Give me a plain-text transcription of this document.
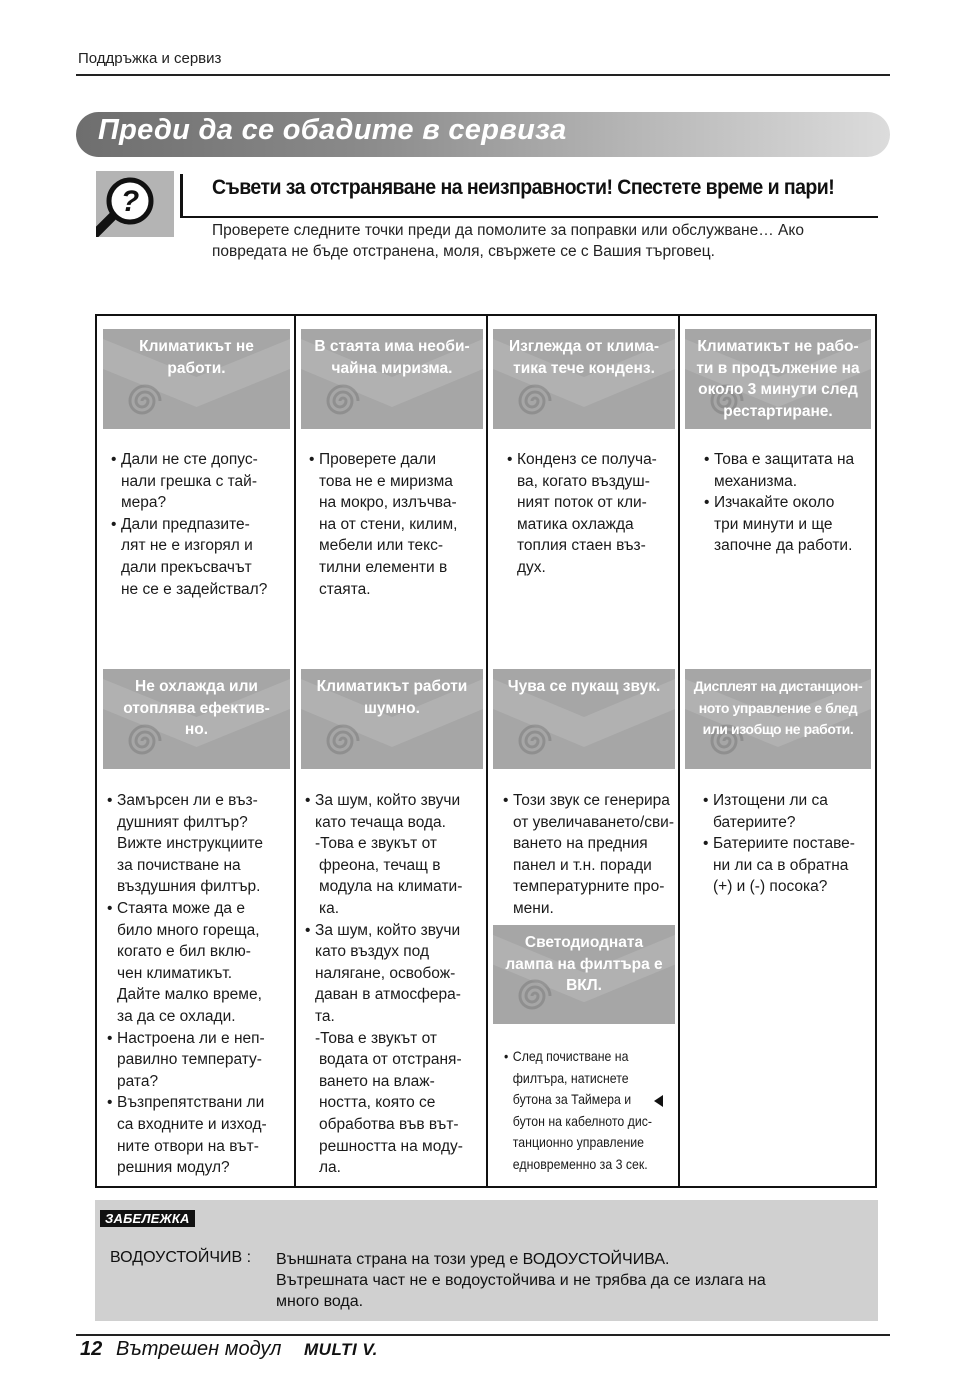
Поддръжка и сервиз
Преди да се обадите в сервиза
?	Съвети за отстраняване на неизправности! Спестете време и пари!
Проверете следните точки преди да помолите за поправки или обслужване… Ако повредата не бъде отстранена, моля, свържете се с Вашия търговец.
Климатикът не
работи.
В стаята има необи-
чайна миризма.
Изглежда от клима-
тика тече конденз.
Климатикът не рабо-
ти в продължение на
около 3 минути след
рестартиране.
Не охлажда или
отоплява ефектив-
но.
Климатикът работи
шумно.
Чува се пукащ звук.	Дисплеят на дистанцион-
ното управление е блед
или изобщо не работи.
Светодиодната
лампа на филтъра е
ВКЛ.
• Дали не сте допус-
нали грешка с тай-
мера?
• Дали предпазите-
лят не е изгорял и
дали прекъсвачът
не се е задействал?
• Проверете дали
това не е миризма
на мокро, излъчва-
на от стени, килим,
мебели или текс-
тилни елементи в
стаята.
• Конденз се получа-
ва, когато въздуш-
ният поток от кли-
матика охлажда
топлия стаен въз-
дух.
• Това е защитата на
механизма.
• Изчакайте около
три минути и ще
започне да работи.
• Замърсен ли е въз-
душният филтър?
Вижте инструкциите
за почистване на
въздушния филтър.
• Стаята може да е
било много гореща,
когато е бил вклю-
чен климатикът.
Дайте малко време,
за да се охлади.
• Настроена ли е неп-
равилно температу-
рата?
• Възпрепятствани ли
са входните и изход-
ните отвори на вът-
решния модул?
• За шум, който звучи
като течаща вода.
-Това е звукът от
фреона, течащ в
модула на климати-
ка.
• За шум, който звучи
като въздух под
налягане, освобож-
даван в атмосфера-
та.
-Това е звукът от
водата от отстраня-
ването на влаж-
ността, която се
обработва във вът-
решността на моду-
ла.
• Този звук се генерира
от увеличаването/сви-
ването на предния
панел и т.н. поради
температурните про-
мени.
• След почистване на
филтъра, натиснете
бутона за Таймера и
бутон на кабелното дис-
танционно управление
едновременно за 3 сек.
• Изтощени ли са
батериите?
• Батериите поставе-
ни ли са в обратна
(+) и (-) посока?
ЗАБЕЛЕЖКА
ВОДОУСТОЙЧИВ : Външната страна на този уред е ВОДОУСТОЙЧИВА.
Вътрешната част не е водоустойчива и не трябва да се излага на
много вода.
12 Вътрешен модул MULTI V.
